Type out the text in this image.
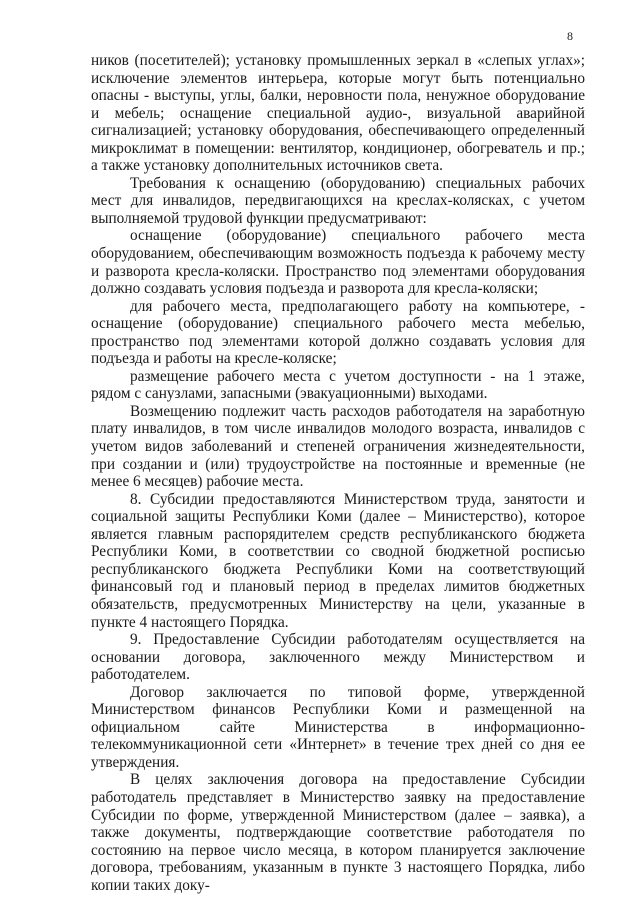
8

ников (посетителей); установку промышленных зеркал в «слепых углах»; исключение элементов интерьера, которые могут быть потенциально опасны - выступы, углы, балки, неровности пола, ненужное оборудование и мебель; оснащение специальной аудио-, визуальной аварийной сигнализацией; установку оборудования, обеспечивающего определенный микроклимат в помещении: вентилятор, кондиционер, обогреватель и пр.; а также установку дополнительных источников света.

Требования к оснащению (оборудованию) специальных рабочих мест для инвалидов, передвигающихся на креслах-колясках, с учетом выполняемой трудовой функции предусматривают:

оснащение (оборудование) специального рабочего места оборудованием, обеспечивающим возможность подъезда к рабочему месту и разворота кресла-коляски. Пространство под элементами оборудования должно создавать условия подъезда и разворота для кресла-коляски;

для рабочего места, предполагающего работу на компьютере, - оснащение (оборудование) специального рабочего места мебелью, пространство под элементами которой должно создавать условия для подъезда и работы на кресле-коляске;

размещение рабочего места с учетом доступности - на 1 этаже, рядом с санузлами, запасными (эвакуационными) выходами.

Возмещению подлежит часть расходов работодателя на заработную плату инвалидов, в том числе инвалидов молодого возраста, инвалидов с учетом видов заболеваний и степеней ограничения жизнедеятельности, при создании и (или) трудоустройстве на постоянные и временные (не менее 6 месяцев) рабочие места.

8. Субсидии предоставляются Министерством труда, занятости и социальной защиты Республики Коми (далее – Министерство), которое является главным распорядителем средств республиканского бюджета Республики Коми, в соответствии со сводной бюджетной росписью республиканского бюджета Республики Коми на соответствующий финансовый год и плановый период в пределах лимитов бюджетных обязательств, предусмотренных Министерству на цели, указанные в пункте 4 настоящего Порядка.

9. Предоставление Субсидии работодателям осуществляется на основании договора, заключенного между Министерством и работодателем.

Договор заключается по типовой форме, утвержденной Министерством финансов Республики Коми и размещенной на официальном сайте Министерства в информационно-телекоммуникационной сети «Интернет» в течение трех дней со дня ее утверждения.

В целях заключения договора на предоставление Субсидии работодатель представляет в Министерство заявку на предоставление Субсидии по форме, утвержденной Министерством (далее – заявка), а также документы, подтверждающие соответствие работодателя по состоянию на первое число месяца, в котором планируется заключение договора, требованиям, указанным в пункте 3 настоящего Порядка, либо копии таких доку-
